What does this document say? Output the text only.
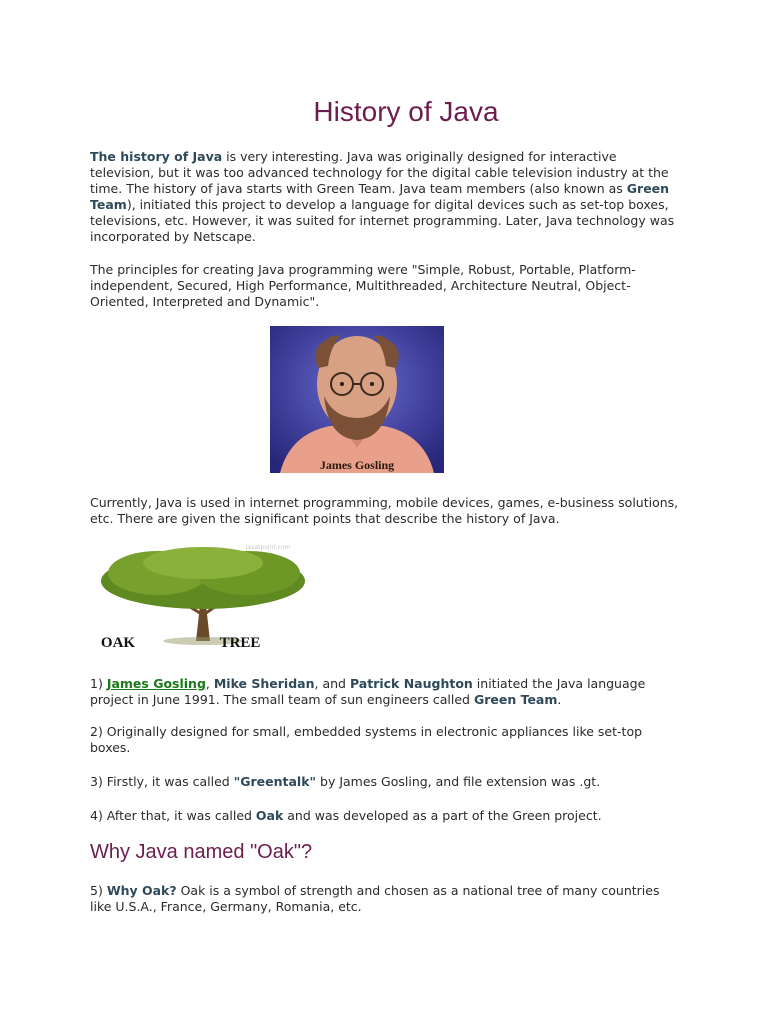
History of Java

The history of Java is very interesting. Java was originally designed for interactive television, but it was too advanced technology for the digital cable television industry at the time. The history of java starts with Green Team. Java team members (also known as Green Team), initiated this project to develop a language for digital devices such as set-top boxes, televisions, etc. However, it was suited for internet programming. Later, Java technology was incorporated by Netscape.

The principles for creating Java programming were "Simple, Robust, Portable, Platform-independent, Secured, High Performance, Multithreaded, Architecture Neutral, Object-Oriented, Interpreted and Dynamic".

James Gosling

Currently, Java is used in internet programming, mobile devices, games, e-business solutions, etc. There are given the significant points that describe the history of Java.

javatpoint.com
OAK	TREE

1) James Gosling, Mike Sheridan, and Patrick Naughton initiated the Java language project in June 1991. The small team of sun engineers called Green Team.

2) Originally designed for small, embedded systems in electronic appliances like set-top boxes.

3) Firstly, it was called "Greentalk" by James Gosling, and file extension was .gt.

4) After that, it was called Oak and was developed as a part of the Green project.

Why Java named "Oak"?

5) Why Oak? Oak is a symbol of strength and chosen as a national tree of many countries like U.S.A., France, Germany, Romania, etc.
